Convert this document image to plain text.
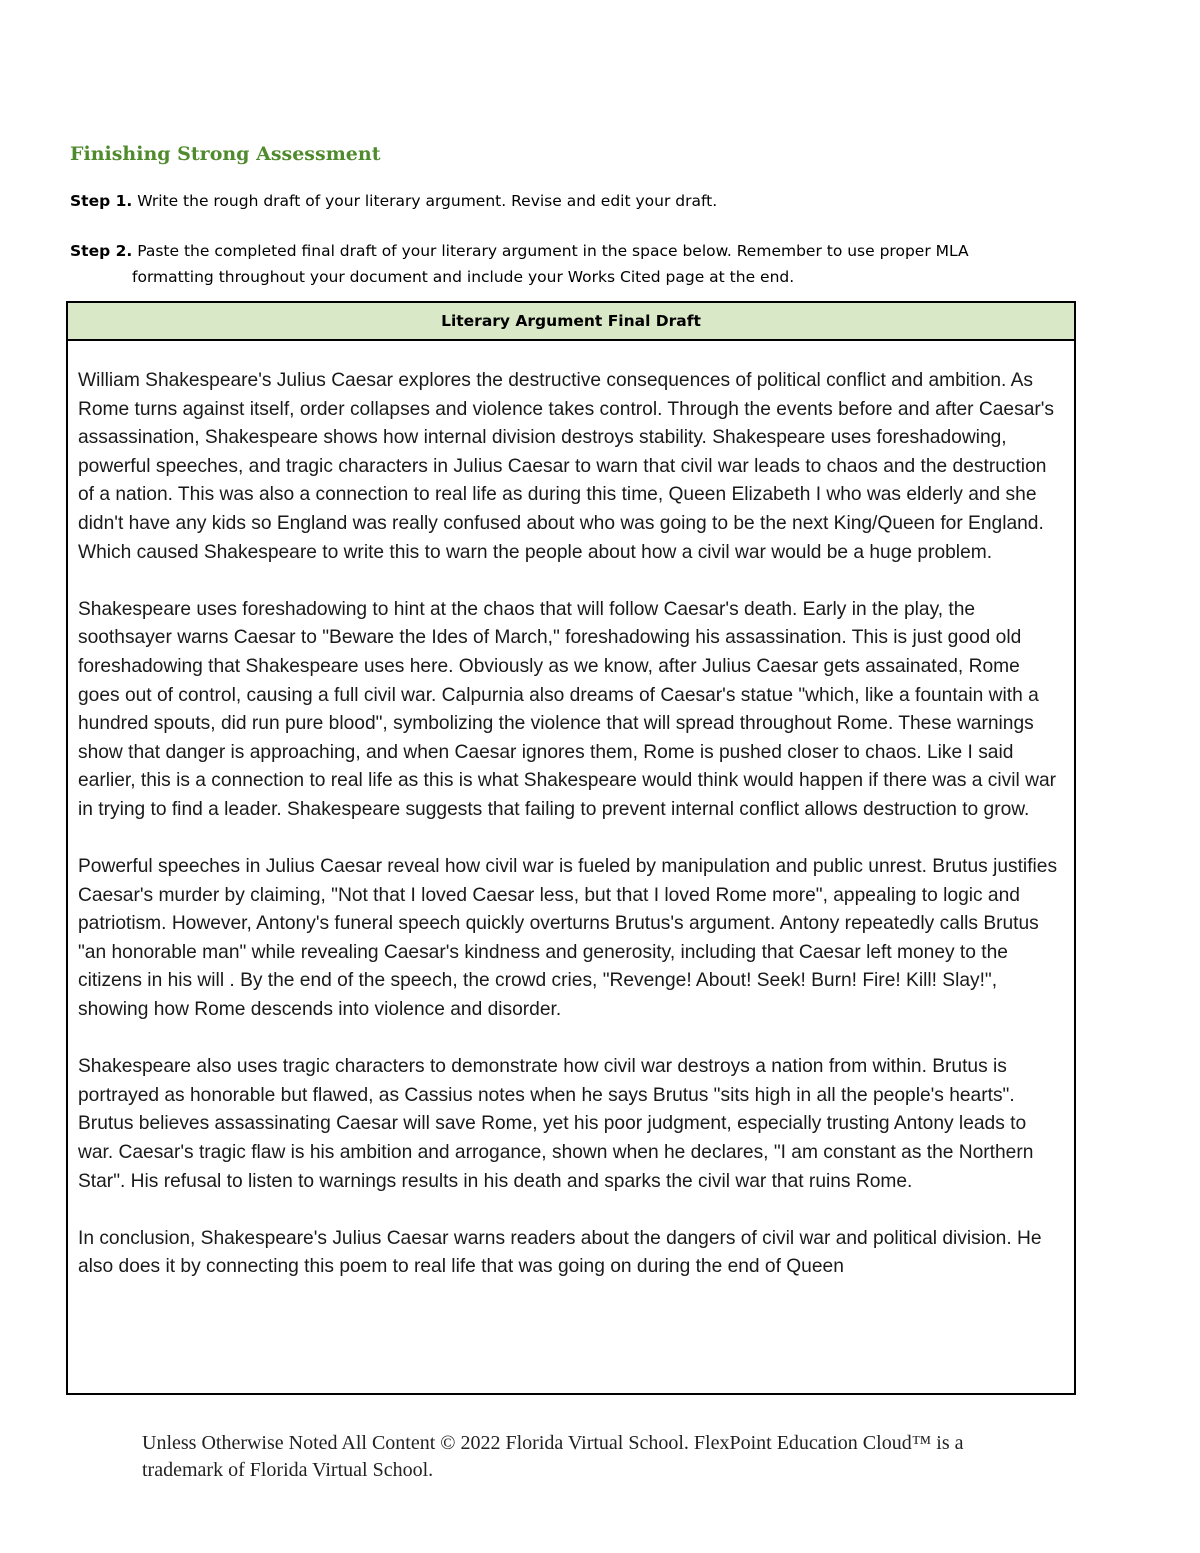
Finishing Strong Assessment

Step 1. Write the rough draft of your literary argument. Revise and edit your draft.

Step 2. Paste the completed final draft of your literary argument in the space below. Remember to use proper MLA
formatting throughout your document and include your Works Cited page at the end.

Literary Argument Final Draft

William Shakespeare's Julius Caesar explores the destructive consequences of political conflict and ambition. As Rome turns against itself, order collapses and violence takes control. Through the events before and after Caesar's assassination, Shakespeare shows how internal division destroys stability. Shakespeare uses foreshadowing, powerful speeches, and tragic characters in Julius Caesar to warn that civil war leads to chaos and the destruction of a nation. This was also a connection to real life as during this time, Queen Elizabeth I who was elderly and she didn't have any kids so England was really confused about who was going to be the next King/Queen for England. Which caused Shakespeare to write this to warn the people about how a civil war would be a huge problem.

Shakespeare uses foreshadowing to hint at the chaos that will follow Caesar's death. Early in the play, the soothsayer warns Caesar to "Beware the Ides of March," foreshadowing his assassination. This is just good old foreshadowing that Shakespeare uses here. Obviously as we know, after Julius Caesar gets assainated, Rome goes out of control, causing a full civil war. Calpurnia also dreams of Caesar's statue "which, like a fountain with a hundred spouts, did run pure blood", symbolizing the violence that will spread throughout Rome. These warnings show that danger is approaching, and when Caesar ignores them, Rome is pushed closer to chaos. Like I said earlier, this is a connection to real life as this is what Shakespeare would think would happen if there was a civil war in trying to find a leader. Shakespeare suggests that failing to prevent internal conflict allows destruction to grow.

Powerful speeches in Julius Caesar reveal how civil war is fueled by manipulation and public unrest. Brutus justifies Caesar's murder by claiming, "Not that I loved Caesar less, but that I loved Rome more", appealing to logic and patriotism. However, Antony's funeral speech quickly overturns Brutus's argument. Antony repeatedly calls Brutus "an honorable man" while revealing Caesar's kindness and generosity, including that Caesar left money to the citizens in his will . By the end of the speech, the crowd cries, "Revenge! About! Seek! Burn! Fire! Kill! Slay!", showing how Rome descends into violence and disorder.

Shakespeare also uses tragic characters to demonstrate how civil war destroys a nation from within. Brutus is portrayed as honorable but flawed, as Cassius notes when he says Brutus "sits high in all the people's hearts". Brutus believes assassinating Caesar will save Rome, yet his poor judgment, especially trusting Antony leads to war. Caesar's tragic flaw is his ambition and arrogance, shown when he declares, "I am constant as the Northern Star". His refusal to listen to warnings results in his death and sparks the civil war that ruins Rome.

In conclusion, Shakespeare's Julius Caesar warns readers about the dangers of civil war and political division. He also does it by connecting this poem to real life that was going on during the end of Queen

Unless Otherwise Noted All Content © 2022 Florida Virtual School. FlexPoint Education Cloud™ is a trademark of Florida Virtual School.
